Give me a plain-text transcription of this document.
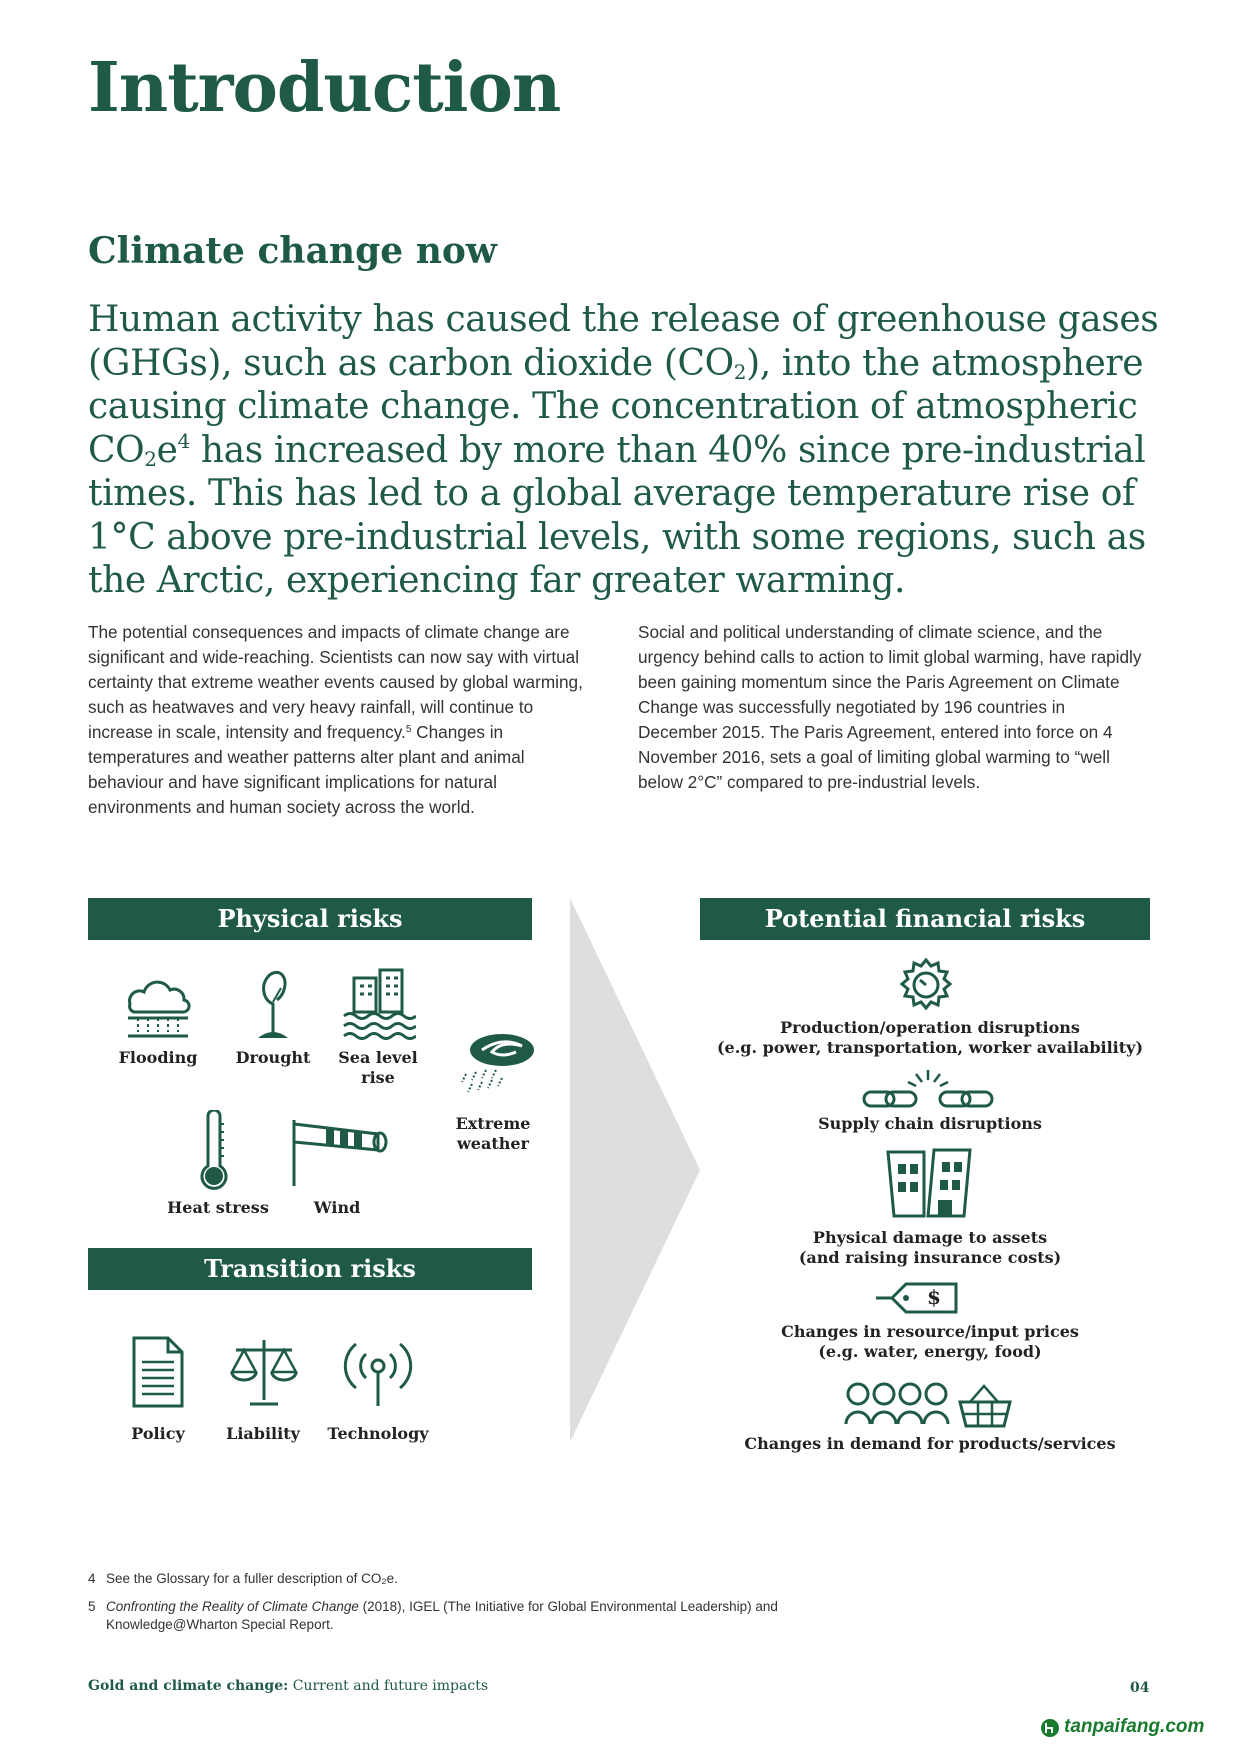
Introduction
Climate change now

Human activity has caused the release of greenhouse gases (GHGs), such as carbon dioxide $(CO_2)$, into the atmosphere causing climate change. The concentration of atmospheric $CO_2e^4$ has increased by more than 40% since pre-industrial times. This has led to a global average temperature rise of 1°C above pre-industrial levels, with some regions, such as the Arctic, experiencing far greater warming.

The potential consequences and impacts of climate change are significant and wide-reaching. Scientists can now say with virtual certainty that extreme weather events caused by global warming, such as heatwaves and very heavy rainfall, will continue to increase in scale, intensity and frequency.$^5$ Changes in temperatures and weather patterns alter plant and animal behaviour and have significant implications for natural environments and human society across the world.

Social and political understanding of climate science, and the urgency behind calls to action to limit global warming, have rapidly been gaining momentum since the Paris Agreement on Climate Change was successfully negotiated by 196 countries in December 2015. The Paris Agreement, entered into force on 4 November 2016, sets a goal of limiting global warming to “well below 2°C” compared to pre-industrial levels.

Physical risks
Flooding	Drought	Sea level
rise
Extreme
weather
Heat stress	Wind
Transition risks
Policy	Liability	Technology
Potential financial risks
Production/operation disruptions
(e.g. power, transportation, worker availability)
Supply chain disruptions
Physical damage to assets
(and raising insurance costs)
$
Changes in resource/input prices
(e.g. water, energy, food)
Changes in demand for products/services
4 See the Glossary for a fuller description of CO₂e.
5 Confronting the Reality of Climate Change (2018), IGEL (The Initiative for Global Environmental Leadership) and
Knowledge@Wharton Special Report.
Gold and climate change: Current and future impacts	04
tanpaifang.com
